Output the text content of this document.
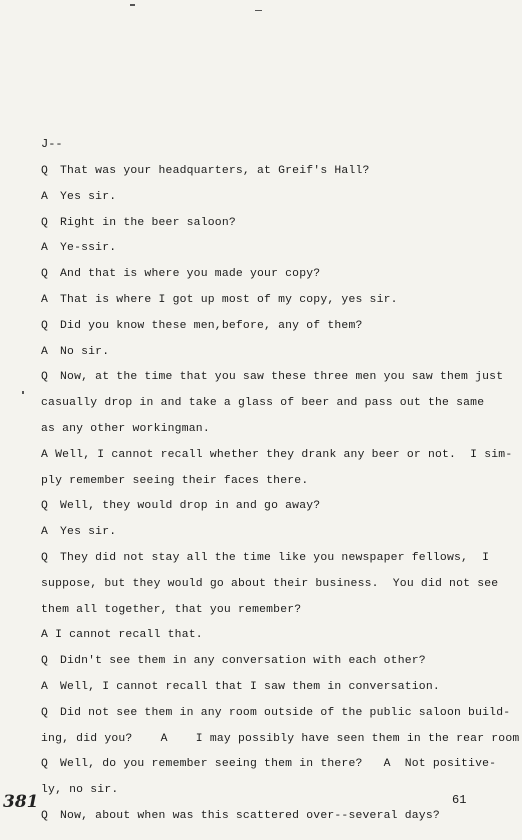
J--
Q That was your headquarters, at Greif's Hall?
A Yes sir.
Q Right in the beer saloon?
A Ye-ssir.
Q And that is where you made your copy?
A That is where I got up most of my copy, yes sir.
Q Did you know these men,before, any of them?
A No sir.
Q Now, at the time that you saw these three men you saw them just
casually drop in and take a glass of beer and pass out the same
as any other workingman.
A Well, I cannot recall whether they drank any beer or not.  I sim-
ply remember seeing their faces there.
Q Well, they would drop in and go away?
A Yes sir.
Q They did not stay all the time like you newspaper fellows,  I
suppose, but they would go about their business.  You did not see
them all together, that you remember?
A I cannot recall that.
Q Didn't see them in any conversation with each other?
A Well, I cannot recall that I saw them in conversation.
Q Did not see them in any room outside of the public saloon build-
ing, did you?    A    I may possibly have seen them in the rear room
Q Well, do you remember seeing them in there?   A  Not positive-
ly, no sir.
Q Now, about when was this scattered over--several days?
381	61
